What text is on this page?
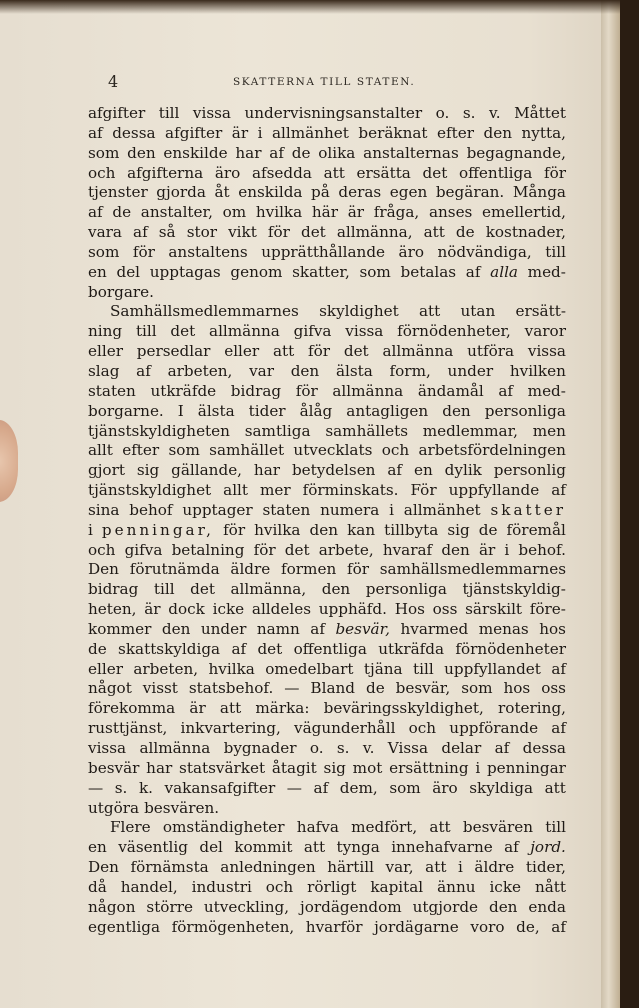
4	SKATTERNA TILL STATEN.
afgifter till vissa undervisningsanstalter o. s. v. Måttet
af dessa afgifter är i allmänhet beräknat efter den nytta,
som den enskilde har af de olika anstalternas begagnande,
och afgifterna äro afsedda att ersätta det offentliga för
tjenster gjorda åt enskilda på deras egen begäran. Många
af de anstalter, om hvilka här är fråga, anses emellertid,
vara af så stor vikt för det allmänna, att de kostnader,
som för anstaltens upprätthållande äro nödvändiga, till
en del upptagas genom skatter, som betalas af alla med-
borgare.
Samhällsmedlemmarnes skyldighet att utan ersätt-
ning till det allmänna gifva vissa förnödenheter, varor
eller persedlar eller att för det allmänna utföra vissa
slag af arbeten, var den älsta form, under hvilken
staten utkräfde bidrag för allmänna ändamål af med-
borgarne. I älsta tider ålåg antagligen den personliga
tjänstskyldigheten samtliga samhällets medlemmar, men
allt efter som samhället utvecklats och arbetsfördelningen
gjort sig gällande, har betydelsen af en dylik personlig
tjänstskyldighet allt mer förminskats. För uppfyllande af
sina behof upptager staten numera i allmänhet skatter
i penningar, för hvilka den kan tillbyta sig de föremål
och gifva betalning för det arbete, hvaraf den är i behof.
Den förutnämda äldre formen för samhällsmedlemmarnes
bidrag till det allmänna, den personliga tjänstskyldig-
heten, är dock icke alldeles upphäfd. Hos oss särskilt före-
kommer den under namn af besvär, hvarmed menas hos
de skattskyldiga af det offentliga utkräfda förnödenheter
eller arbeten, hvilka omedelbart tjäna till uppfyllandet af
något visst statsbehof. — Bland de besvär, som hos oss
förekomma är att märka: beväringsskyldighet, rotering,
rusttjänst, inkvartering, vägunderhåll och uppförande af
vissa allmänna bygnader o. s. v. Vissa delar af dessa
besvär har statsvärket åtagit sig mot ersättning i penningar
— s. k. vakansafgifter — af dem, som äro skyldiga att
utgöra besvären.
Flere omständigheter hafva medfört, att besvären till
en väsentlig del kommit att tynga innehafvarne af jord.
Den förnämsta anledningen härtill var, att i äldre tider,
då handel, industri och rörligt kapital ännu icke nått
någon större utveckling, jordägendom utgjorde den enda
egentliga förmögenheten, hvarför jordägarne voro de, af
